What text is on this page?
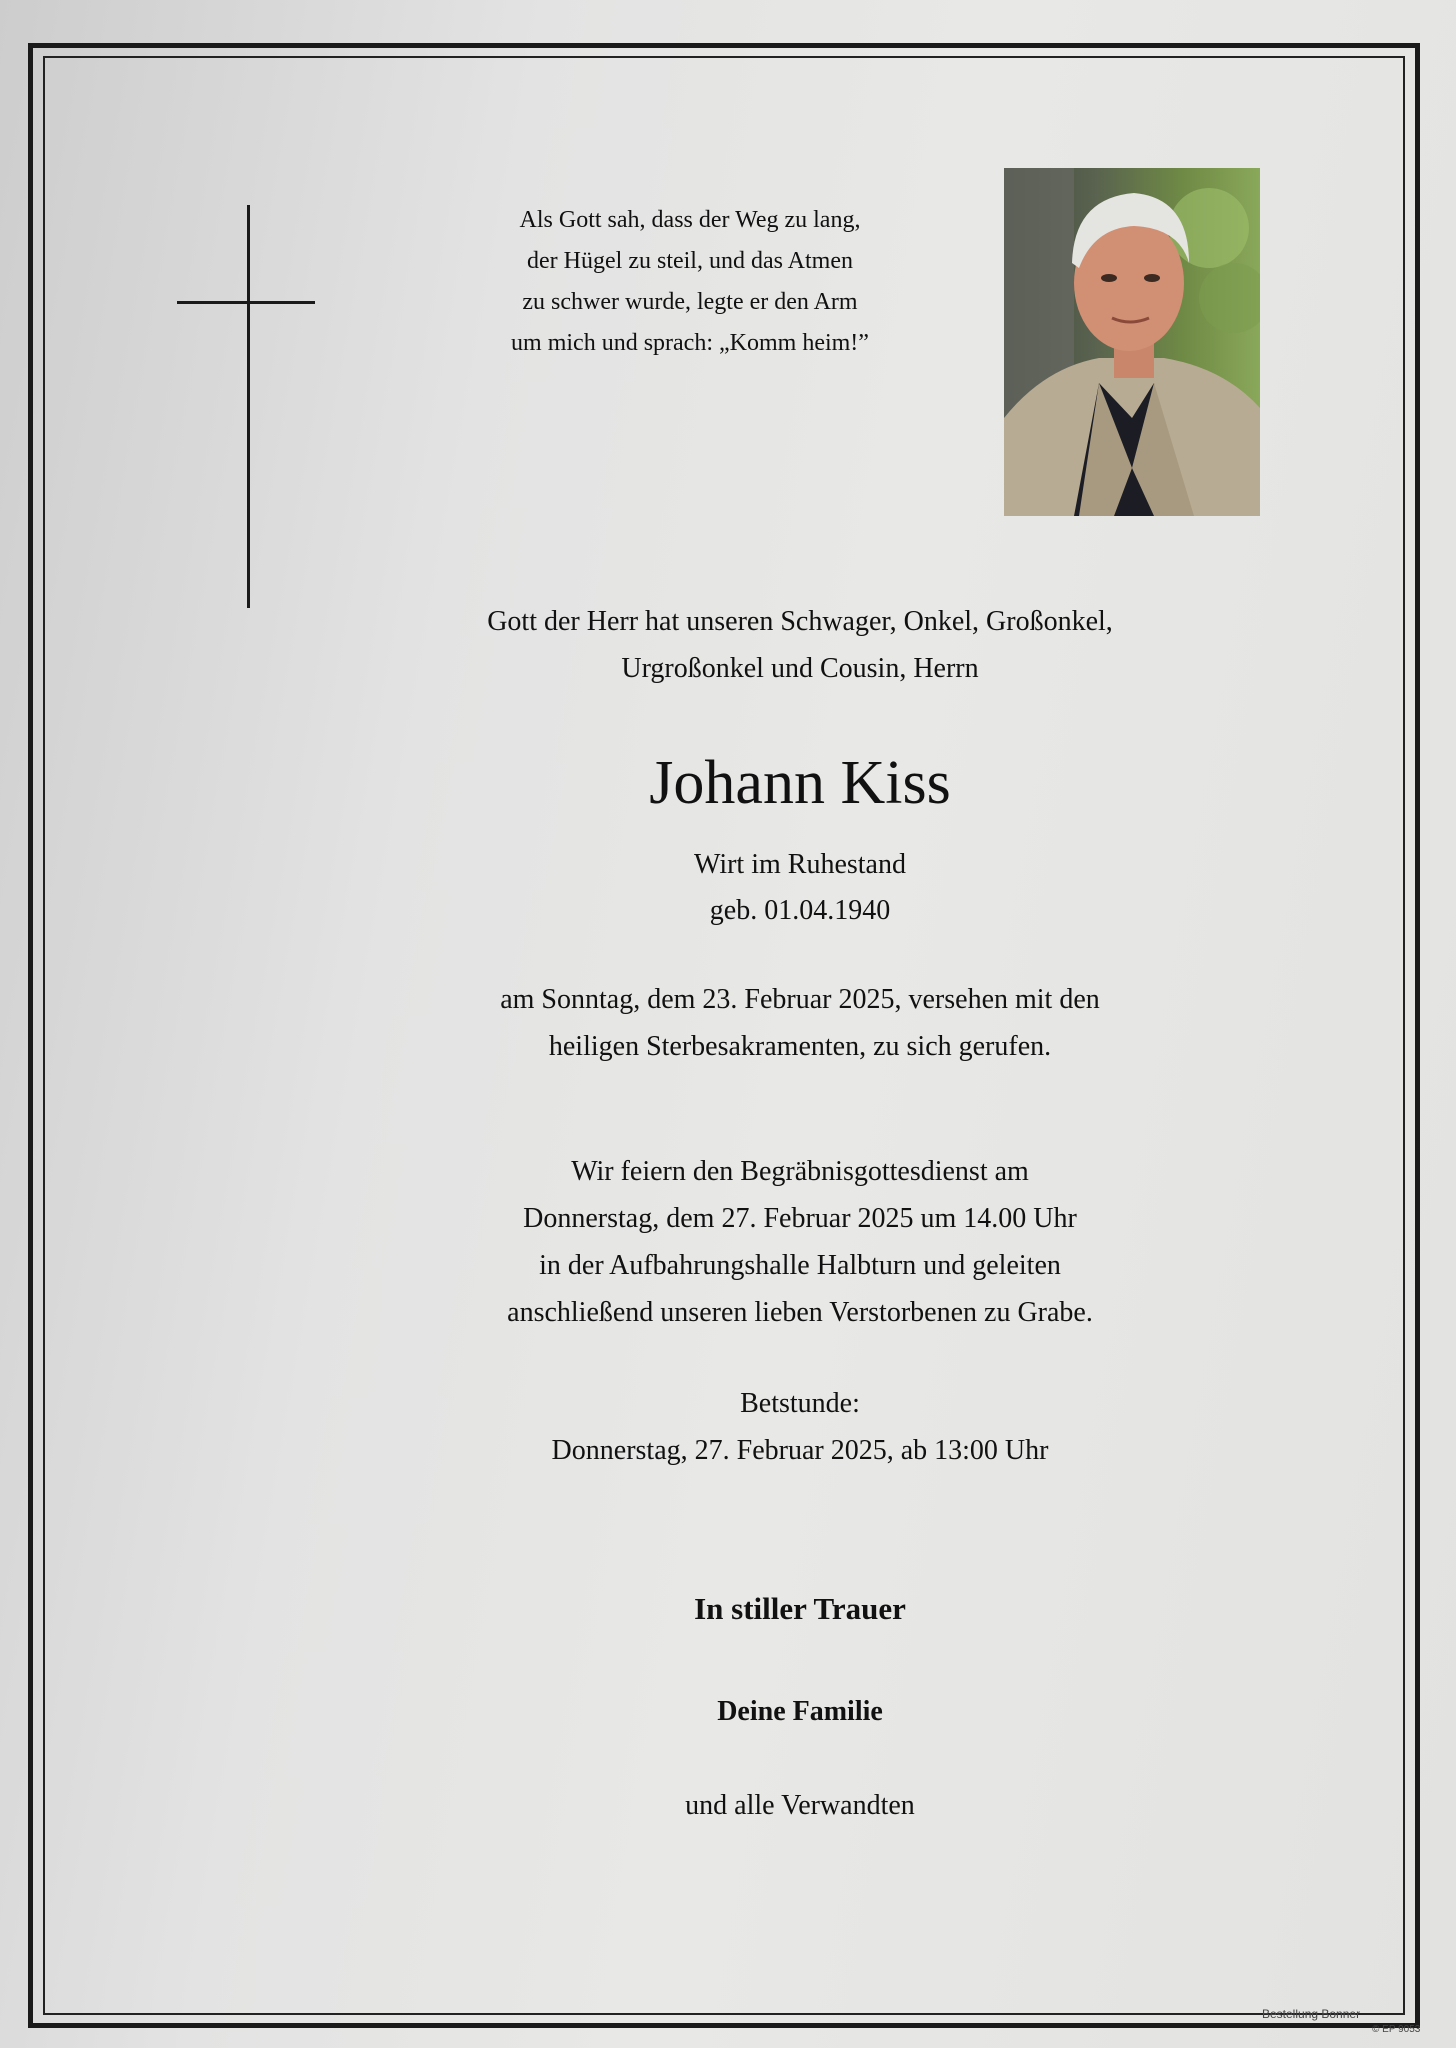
Als Gott sah, dass der Weg zu lang,
der Hügel zu steil, und das Atmen
zu schwer wurde, legte er den Arm
um mich und sprach: „Komm heim!”
Gott der Herr hat unseren Schwager, Onkel, Großonkel,
Urgroßonkel und Cousin, Herrn
Johann Kiss
Wirt im Ruhestand
geb. 01.04.1940
am Sonntag, dem 23. Februar 2025, versehen mit den
heiligen Sterbesakramenten, zu sich gerufen.
Wir feiern den Begräbnisgottesdienst am
Donnerstag, dem 27. Februar 2025 um 14.00 Uhr
in der Aufbahrungshalle Halbturn und geleiten
anschließend unseren lieben Verstorbenen zu Grabe.
Betstunde:
Donnerstag, 27. Februar 2025, ab 13:00 Uhr
In stiller Trauer
Deine Familie
und alle Verwandten
Bestellung Bonner
© EP 9053
